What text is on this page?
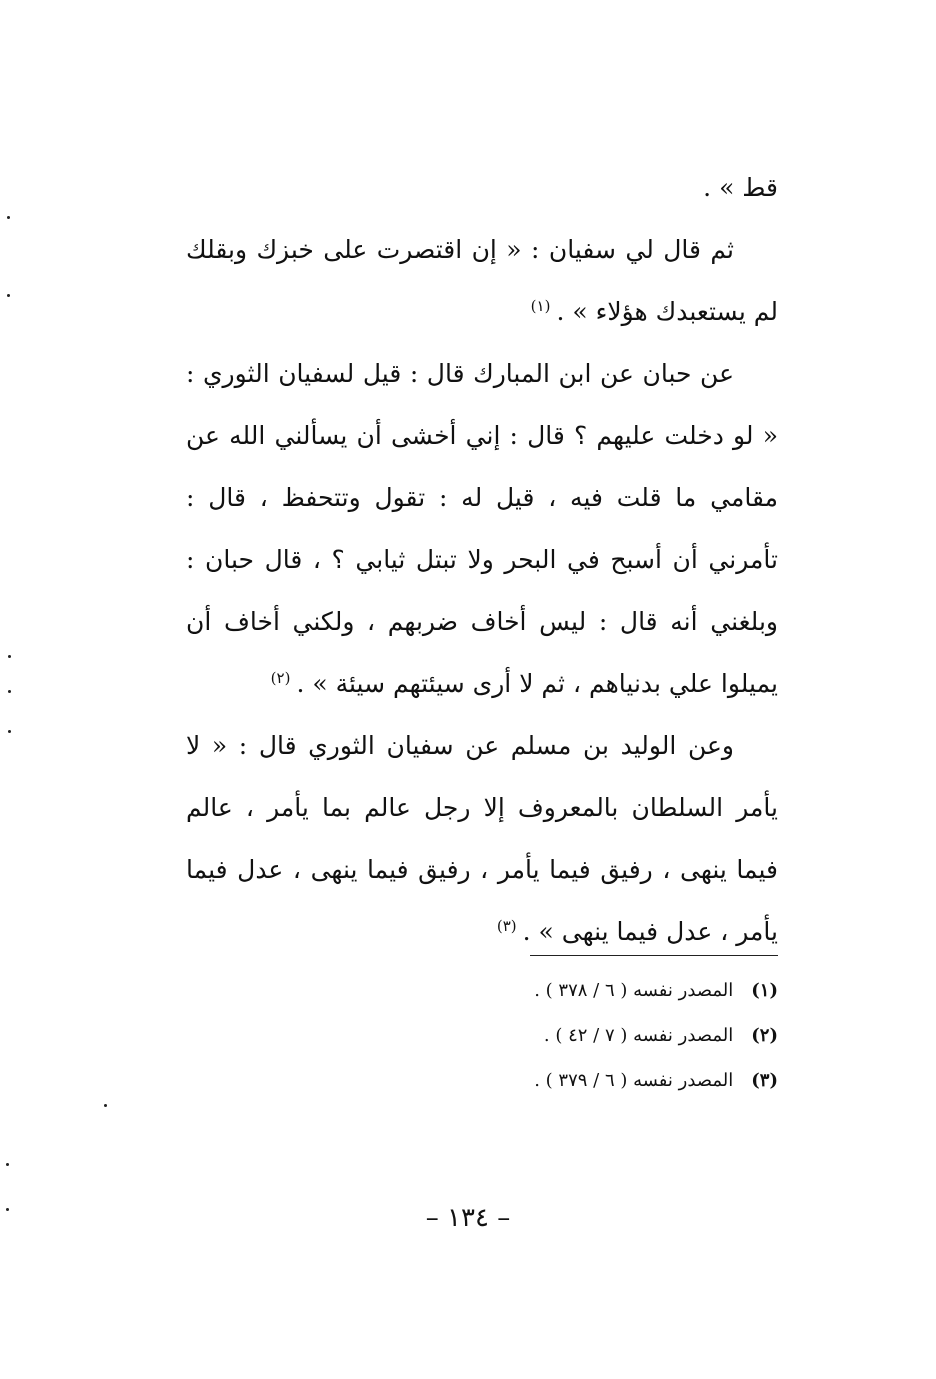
قط » .

ثم قال لي سفيان : « إن اقتصرت على خبزك وبقلك لم يستعبدك هؤلاء » .$^{(١)}$

عن حبان عن ابن المبارك قال : قيل لسفيان الثوري : « لو دخلت عليهم ؟ قال : إني أخشى أن يسألني الله عن مقامي ما قلت فيه ، قيل له : تقول وتتحفظ ، قال : تأمرني أن أسبح في البحر ولا تبتل ثيابي ؟ ، قال حبان : وبلغني أنه قال : ليس أخاف ضربهم ، ولكني أخاف أن يميلوا علي بدنياهم ، ثم لا أرى سيئتهم سيئة » .$^{(٢)}$

وعن الوليد بن مسلم عن سفيان الثوري قال : « لا يأمر السلطان بالمعروف إلا رجل عالم بما يأمر ، عالم فيما ينهى ، رفيق فيما يأمر ، رفيق فيما ينهى ، عدل فيما يأمر ، عدل فيما ينهى » .$^{(٣)}$

(١)المصدر نفسه ( ٦ / ٣٧٨ ) .
(٢)المصدر نفسه ( ٧ / ٤٢ ) .
(٣)المصدر نفسه ( ٦ / ٣٧٩ ) .
– ١٣٤ –
